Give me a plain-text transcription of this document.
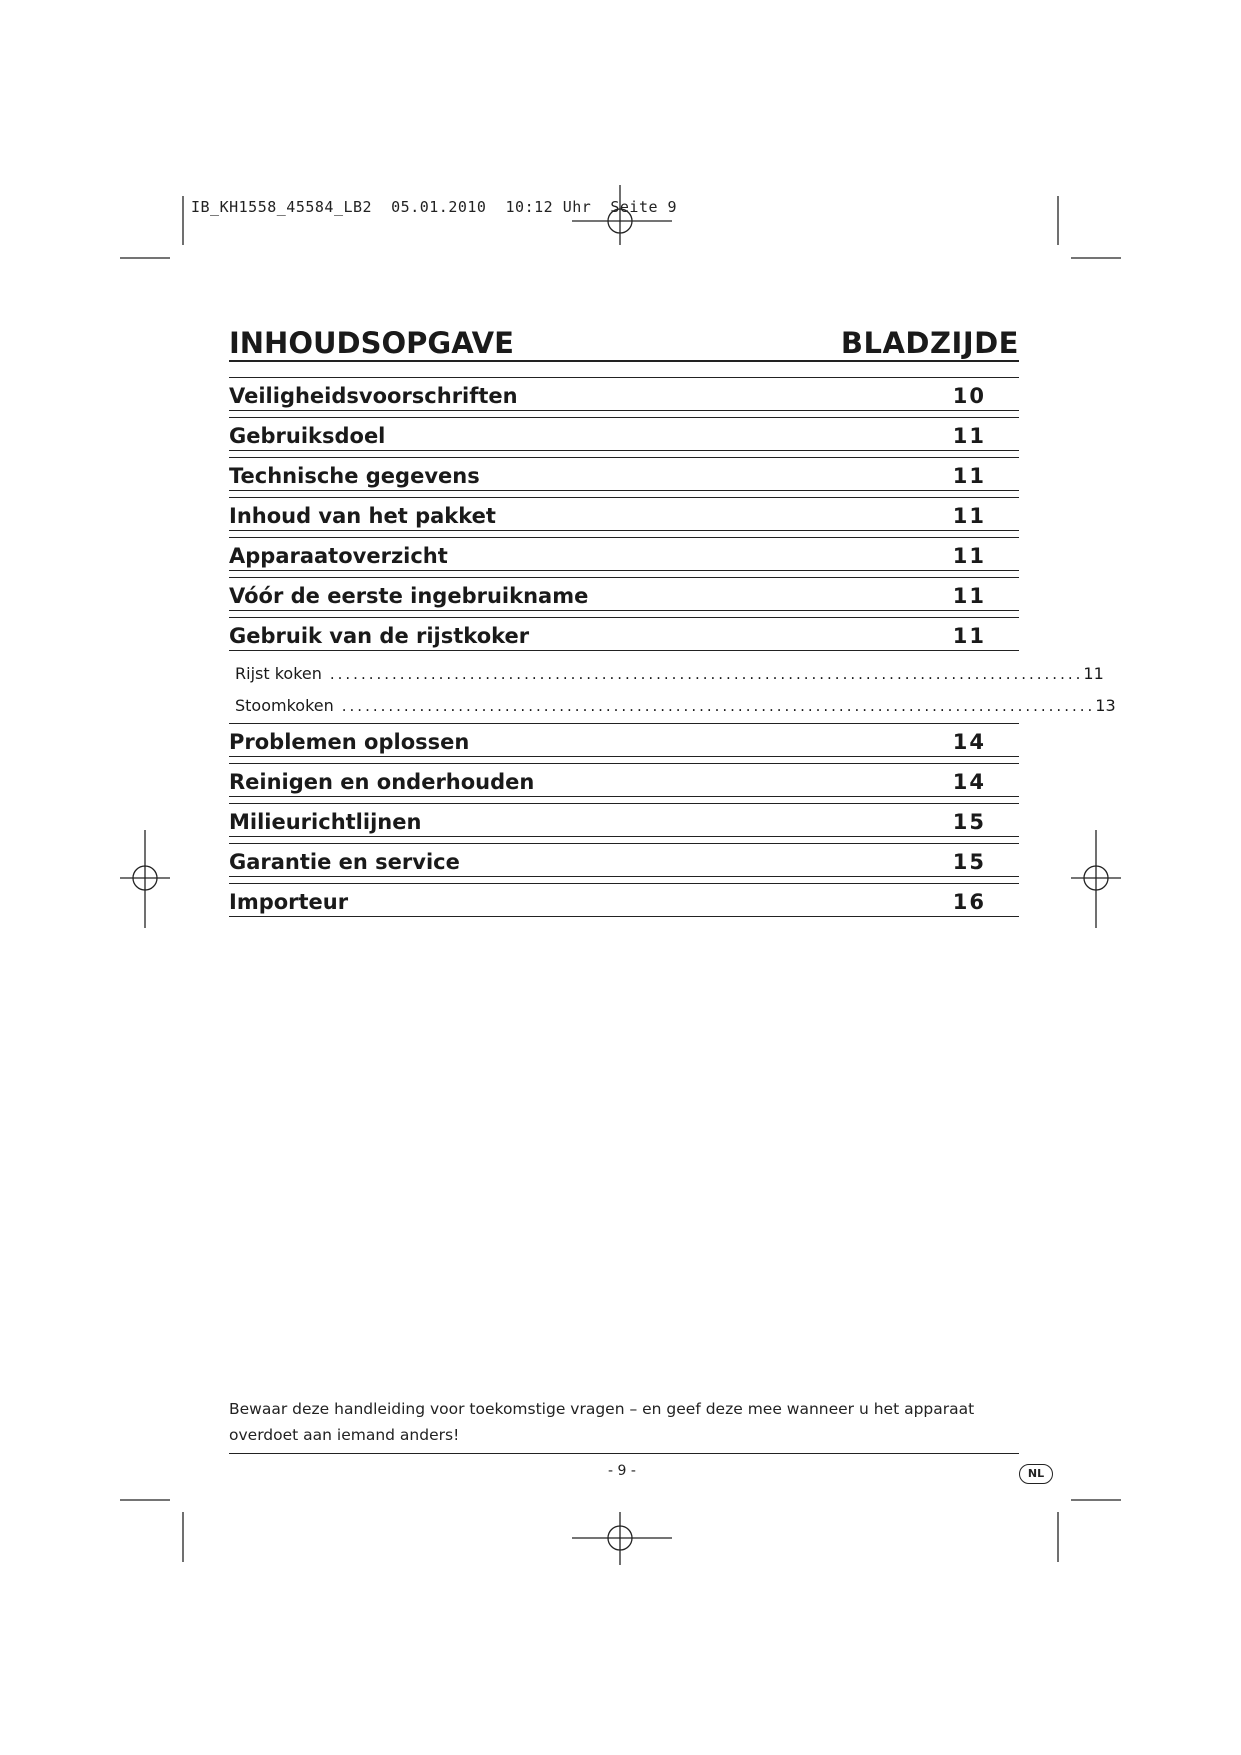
IB_KH1558_45584_LB2  05.01.2010  10:12 Uhr  Seite 9
INHOUDSOPGAVE	BLADZIJDE
Veiligheidsvoorschriften	10
Gebruiksdoel	11
Technische gegevens	11
Inhoud van het pakket	11
Apparaatoverzicht	11
Vóór de eerste ingebruikname	11
Gebruik van de rijstkoker	11
Rijst koken ................................................................................................. 11
Stoomkoken ................................................................................................. 13
Problemen oplossen	14
Reinigen en onderhouden	14
Milieurichtlijnen	15
Garantie en service	15
Importeur	16
Bewaar deze handleiding voor toekomstige vragen – en geef deze mee wanneer u het apparaat overdoet aan iemand anders!
- 9 -	NL
